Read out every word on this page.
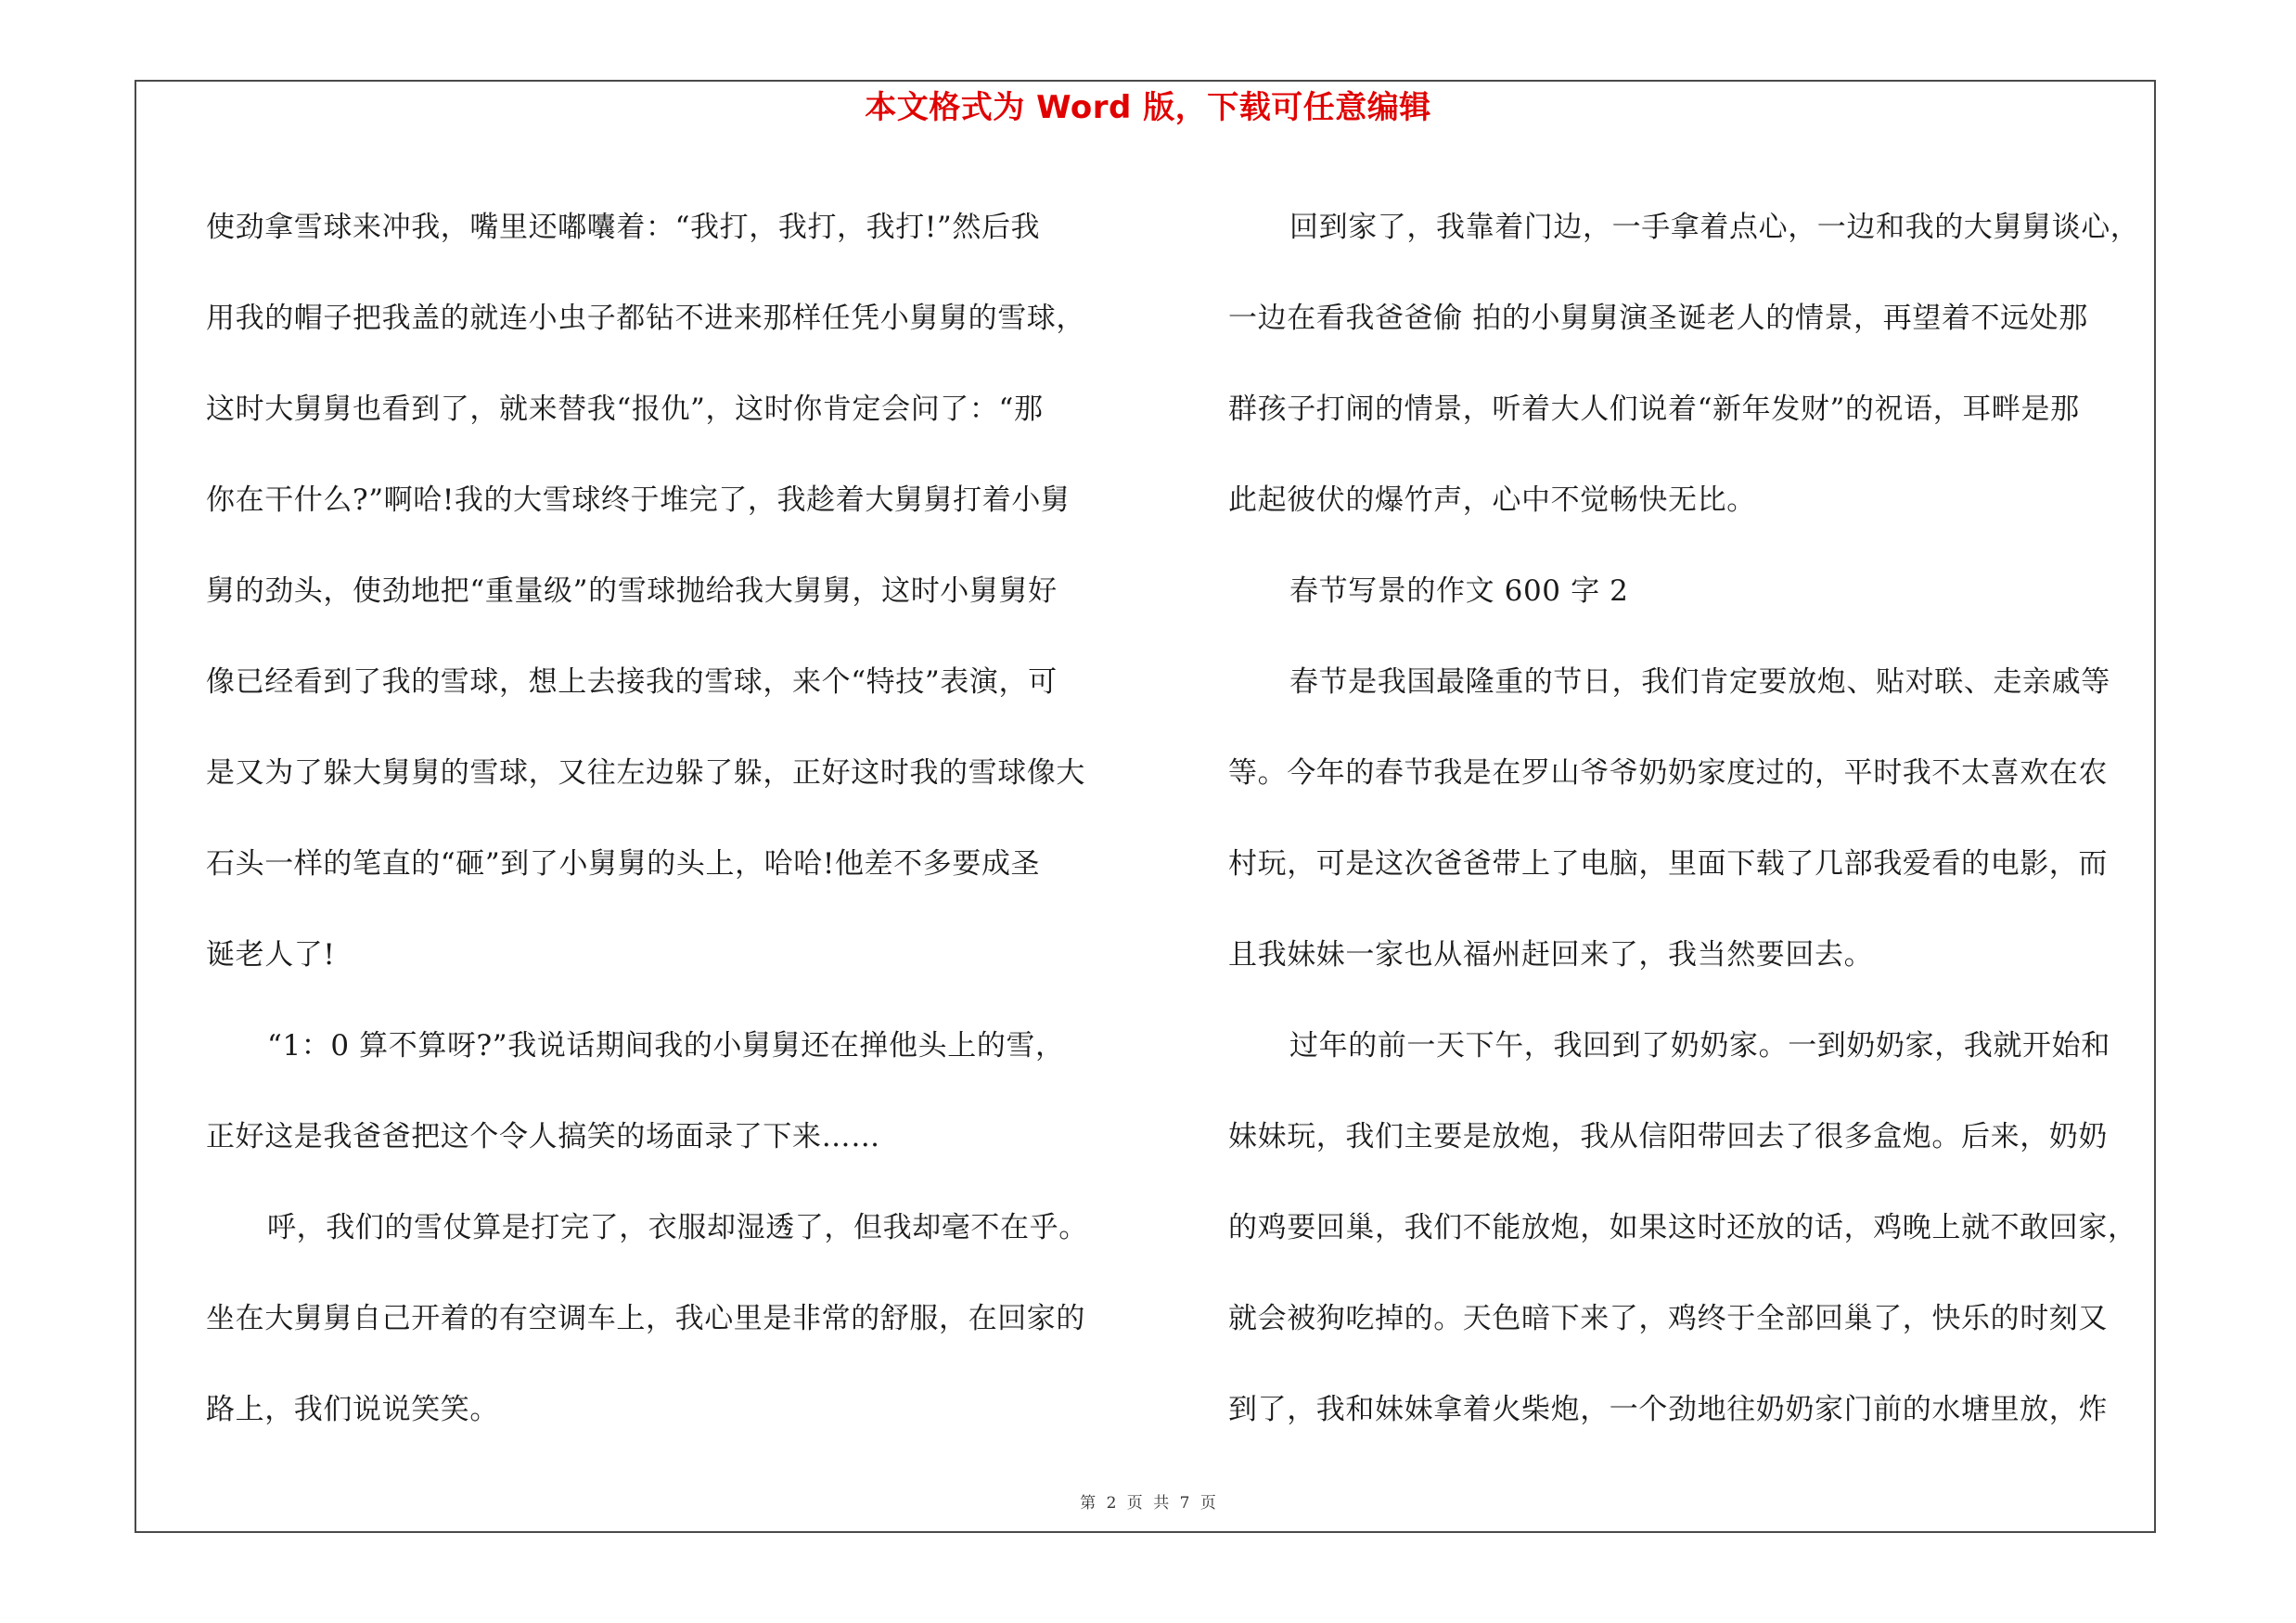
本文格式为 Word 版，下载可任意编辑
使劲拿雪球来冲我，嘴里还嘟囔着：“我打，我打，我打!”然后我
用我的帽子把我盖的就连小虫子都钻不进来那样任凭小舅舅的雪球，
这时大舅舅也看到了，就来替我“报仇”，这时你肯定会问了：“那
你在干什么?”啊哈!我的大雪球终于堆完了，我趁着大舅舅打着小舅
舅的劲头，使劲地把“重量级”的雪球抛给我大舅舅，这时小舅舅好
像已经看到了我的雪球，想上去接我的雪球，来个“特技”表演，可
是又为了躲大舅舅的雪球，又往左边躲了躲，正好这时我的雪球像大
石头一样的笔直的“砸”到了小舅舅的头上，哈哈!他差不多要成圣
诞老人了!
“1：0 算不算呀?”我说话期间我的小舅舅还在掸他头上的雪，
正好这是我爸爸把这个令人搞笑的场面录了下来……
呼，我们的雪仗算是打完了，衣服却湿透了，但我却毫不在乎。
坐在大舅舅自己开着的有空调车上，我心里是非常的舒服，在回家的
路上，我们说说笑笑。
回到家了，我靠着门边，一手拿着点心，一边和我的大舅舅谈心，
一边在看我爸爸偷 拍的小舅舅演圣诞老人的情景，再望着不远处那
群孩子打闹的情景，听着大人们说着“新年发财”的祝语，耳畔是那
此起彼伏的爆竹声，心中不觉畅快无比。
春节写景的作文 600 字 2
春节是我国最隆重的节日，我们肯定要放炮、贴对联、走亲戚等
等。今年的春节我是在罗山爷爷奶奶家度过的，平时我不太喜欢在农
村玩，可是这次爸爸带上了电脑，里面下载了几部我爱看的电影，而
且我妹妹一家也从福州赶回来了，我当然要回去。
过年的前一天下午，我回到了奶奶家。一到奶奶家，我就开始和
妹妹玩，我们主要是放炮，我从信阳带回去了很多盒炮。后来，奶奶
的鸡要回巢，我们不能放炮，如果这时还放的话，鸡晚上就不敢回家，
就会被狗吃掉的。天色暗下来了，鸡终于全部回巢了，快乐的时刻又
到了，我和妹妹拿着火柴炮，一个劲地往奶奶家门前的水塘里放，炸
第 2 页 共 7 页
